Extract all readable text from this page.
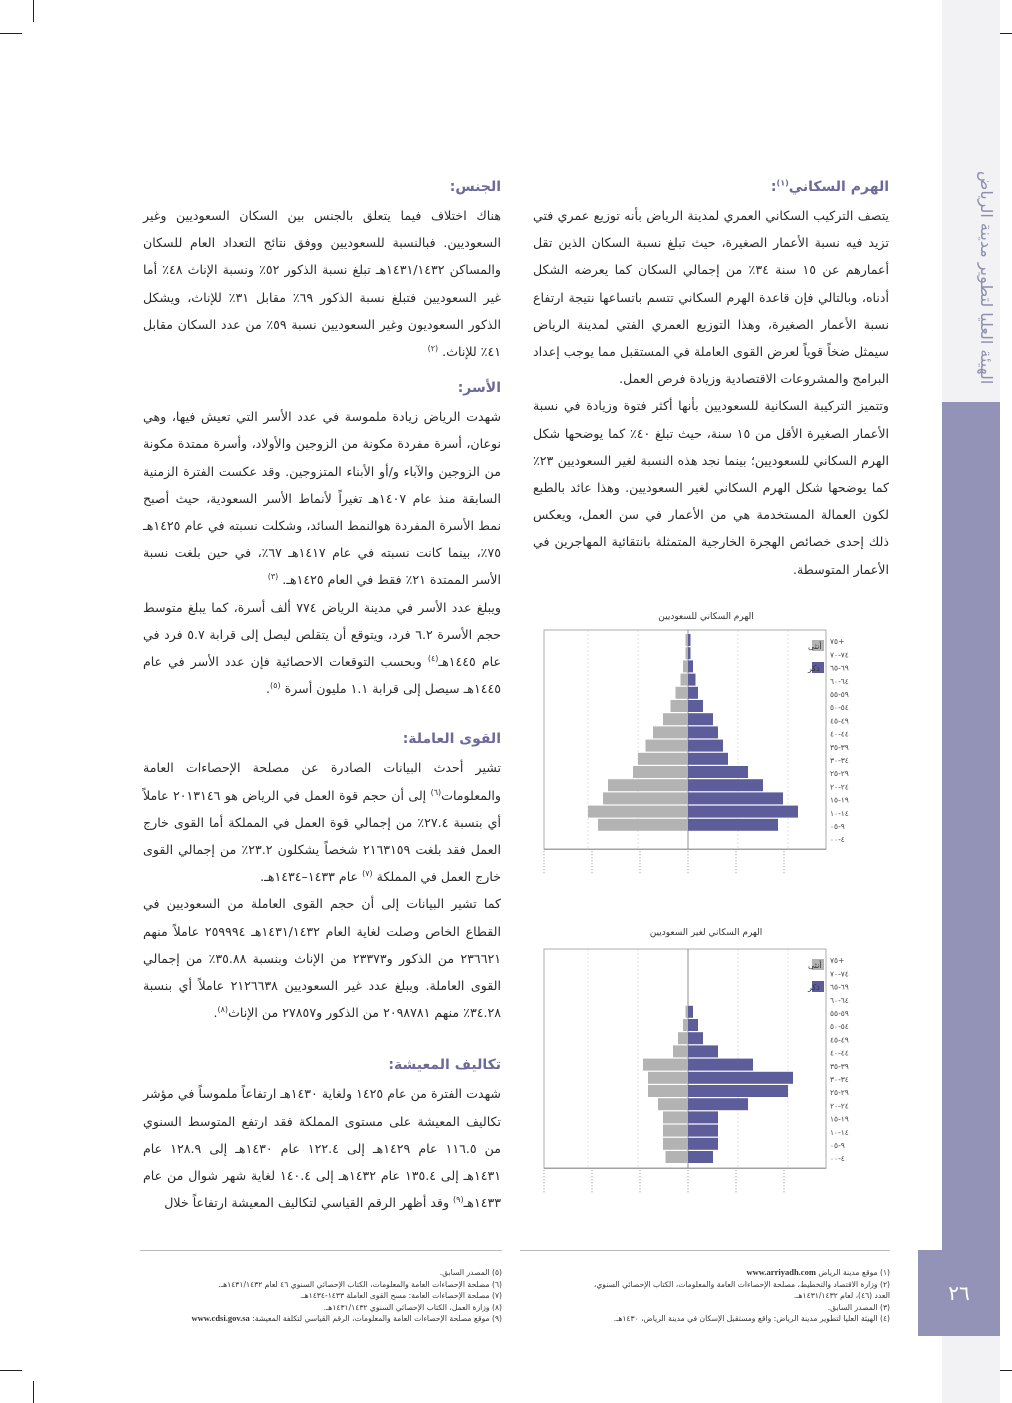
الهيئة العليا لتطوير مدينة الرياض
٢٦

الهرم السكاني$^{(١)}$:

يتصف التركيب السكاني العمري لمدينة الرياض بأنه توزيع عمري فتي تزيد فيه نسبة الأعمار الصغيرة، حيث تبلغ نسبة السكان الذين تقل أعمارهم عن ١٥ سنة ٣٤٪ من إجمالي السكان كما يعرضه الشكل أدناه، وبالتالي فإن قاعدة الهرم السكاني تتسم باتساعها نتيجة ارتفاع نسبة الأعمار الصغيرة، وهذا التوزيع العمري الفتي لمدينة الرياض سيمثل ضخاً قوياً لعرض القوى العاملة في المستقبل مما يوجب إعداد البرامج والمشروعات الاقتصادية وزيادة فرص العمل.

وتتميز التركيبة السكانية للسعوديين بأنها أكثر فتوة وزيادة في نسبة الأعمار الصغيرة الأقل من ١٥ سنة، حيث تبلغ ٤٠٪ كما يوضحها شكل الهرم السكاني للسعوديين؛ بينما نجد هذه النسبة لغير السعوديين ٢٣٪ كما يوضحها شكل الهرم السكاني لغير السعوديين. وهذا عائد بالطبع لكون العمالة المستخدمة هي من الأعمار في سن العمل، ويعكس ذلك إحدى خصائص الهجرة الخارجية المتمثلة بانتقائية المهاجرين في الأعمار المتوسطة.

الجنس:

هناك اختلاف فيما يتعلق بالجنس بين السكان السعوديين وغير السعوديين. فبالنسبة للسعوديين ووفق نتائج التعداد العام للسكان والمساكن ١٤٣١/١٤٣٢هـ تبلغ نسبة الذكور ٥٢٪ ونسبة الإناث ٤٨٪ أما غير السعوديين فتبلغ نسبة الذكور ٦٩٪ مقابل ٣١٪ للإناث، ويشكل الذكور السعوديون وغير السعوديين نسبة ٥٩٪ من عدد السكان مقابل ٤١٪ للإناث. $^{(٢)}$

الأسر:

شهدت الرياض زيادة ملموسة في عدد الأسر التي تعيش فيها، وهي نوعان، أسرة مفردة مكونة من الزوجين والأولاد، وأسرة ممتدة مكونة من الزوجين والآباء و/أو الأبناء المتزوجين. وقد عكست الفترة الزمنية السابقة منذ عام ١٤٠٧هـ تغيراً لأنماط الأسر السعودية، حيث أصبح نمط الأسرة المفردة هوالنمط السائد، وشكلت نسبته في عام ١٤٢٥هـ ٧٥٪، بينما كانت نسبته في عام ١٤١٧هـ ٦٧٪، في حين بلغت نسبة الأسر الممتدة ٢١٪ فقط في العام ١٤٢٥هـ. $^{(٣)}$

ويبلغ عدد الأسر في مدينة الرياض ٧٧٤ ألف أسرة، كما يبلغ متوسط حجم الأسرة ٦.٢ فرد، ويتوقع أن يتقلص ليصل إلى قرابة ٥.٧ فرد في عام ١٤٤٥هـ$^{(٤)}$ وبحسب التوقعات الاحصائية فإن عدد الأسر في عام ١٤٤٥هـ سيصل إلى قرابة ١.١ مليون أسرة $^{(٥)}$.

القوى العاملة:

تشير أحدث البيانات الصادرة عن مصلحة الإحصاءات العامة والمعلومات$^{(٦)}$ إلى أن حجم قوة العمل في الرياض هو ٢٠١٣١٤٦ عاملاً أي بنسبة ٢٧.٤٪ من إجمالي قوة العمل في المملكة أما القوى خارج العمل فقد بلغت ٢١٦٣١٥٩ شخصاً يشكلون ٢٣.٢٪ من إجمالي القوى خارج العمل في المملكة $^{(٧)}$ عام ١٤٣٣–١٤٣٤هـ.

كما تشير البيانات إلى أن حجم القوى العاملة من السعوديين في القطاع الخاص وصلت لغاية العام ١٤٣١/١٤٣٢هـ ٢٥٩٩٩٤ عاملاً منهم ٢٣٦٦٢١ من الذكور و٢٣٣٧٣ من الإناث وبنسبة ٣٥.٨٨٪ من إجمالي القوى العاملة. ويبلغ عدد غير السعوديين ٢١٢٦٦٣٨ عاملاً أي بنسبة ٣٤.٢٨٪ منهم ٢٠٩٨٧٨١ من الذكور و٢٧٨٥٧ من الإناث$^{(٨)}$.

تكاليف المعيشة:

شهدت الفترة من عام ١٤٢٥ ولغاية ١٤٣٠هـ ارتفاعاً ملموساً في مؤشر تكاليف المعيشة على مستوى المملكة فقد ارتفع المتوسط السنوي من ١١٦.٥ عام ١٤٢٩هـ إلى ١٢٢.٤ عام ١٤٣٠هـ إلى ١٢٨.٩ عام ١٤٣١هـ إلى ١٣٥.٤ عام ١٤٣٢هـ إلى ١٤٠.٤ لغاية شهر شوال من عام ١٤٣٣هـ$^{(٩)}$ وقد أظهر الرقم القياسي لتكاليف المعيشة ارتفاعاً خلال

الهرم السكاني للسعوديين
٧٥+
٧٤-٧٠
٦٩-٦٥
٦٤-٦٠
٥٩-٥٥
٥٤-٥٠
٤٩-٤٥
٤٤-٤٠
٣٩-٣٥
٣٤-٣٠
٢٩-٢٥
٢٤-٢٠
١٩-١٥
١٤-١٠
٩-٠٥
٤-٠٠
أنثى
ذكر
الهرم السكاني لغير السعوديين
٧٥+
٧٤-٧٠
٦٩-٦٥
٦٤-٦٠
٥٩-٥٥
٥٤-٥٠
٤٩-٤٥
٤٤-٤٠
٣٩-٣٥
٣٤-٣٠
٢٩-٢٥
٢٤-٢٠
١٩-١٥
١٤-١٠
٩-٠٥
٤-٠٠
أنثى
ذكر
(١) موقع مدينة الرياض www.arriyadh.com
(٢) وزارة الاقتصاد والتخطيط، مصلحة الإحصاءات العامة والمعلومات، الكتاب الإحصائي السنوي،
العدد (٤٦)، لعام ١٤٣١/١٤٣٢هـ.
(٣) المصدر السابق.
(٤) الهيئة العليا لتطوير مدينة الرياض: واقع ومستقبل الإسكان في مدينة الرياض، ١٤٣٠هـ.
(٥) المصدر السابق.
(٦) مصلحة الإحصاءات العامة والمعلومات، الكتاب الإحصائي السنوي ٤٦ لعام ١٤٣١/١٤٣٢هـ.
(٧) مصلحة الإحصاءات العامة: مسح القوى العاملة ١٤٣٣-١٤٣٤هـ.
(٨) وزارة العمل، الكتاب الإحصائي السنوي ١٤٣١/١٤٣٢هـ.
(٩) موقع مصلحة الإحصاءات العامة والمعلومات، الرقم القياسي لتكلفة المعيشة: www.cdsi.gov.sa
